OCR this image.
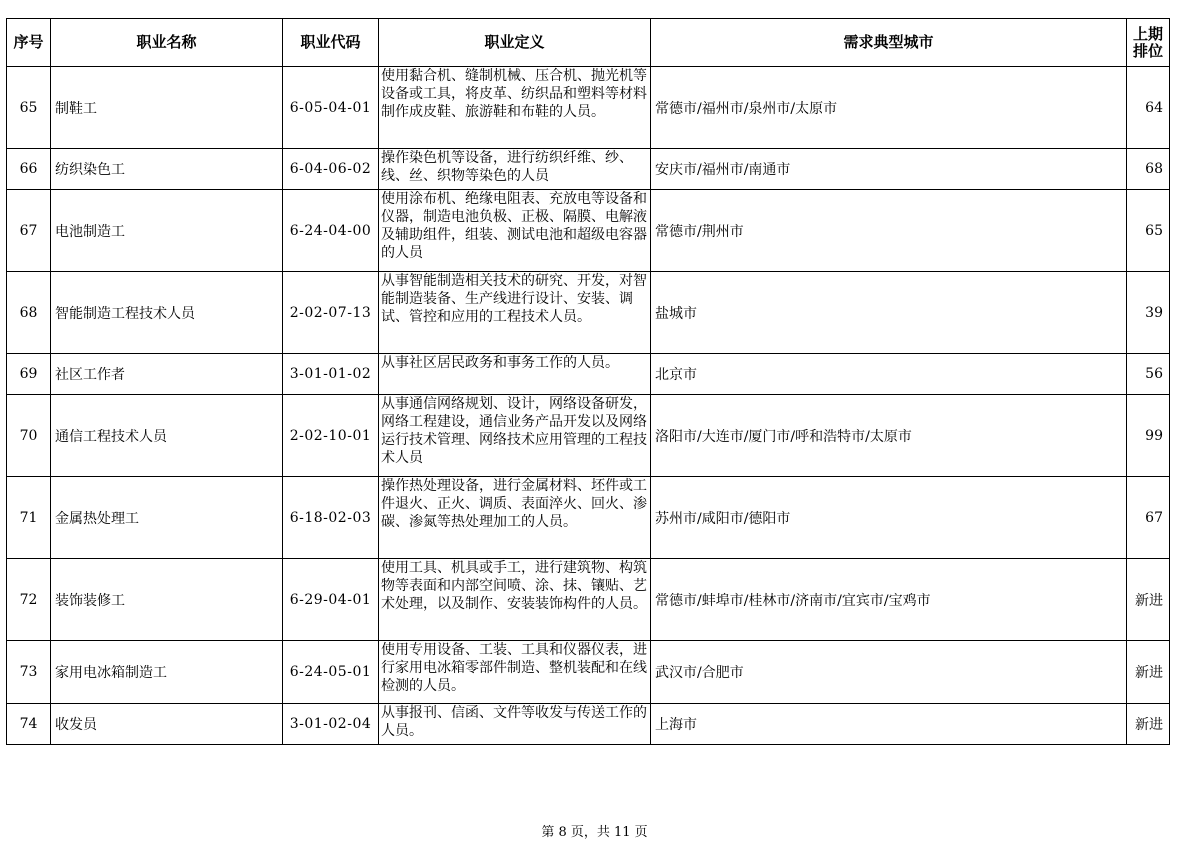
序号	职业名称	职业代码	职业定义	需求典型城市	上期
排位
65	制鞋工	6-05-04-01	使用黏合机、缝制机械、压合机、抛光机等设备或工具，将皮革、纺织品和塑料等材料制作成皮鞋、旅游鞋和布鞋的人员。	常德市/福州市/泉州市/太原市	64
66	纺织染色工	6-04-06-02	操作染色机等设备，进行纺织纤维、纱、线、丝、织物等染色的人员	安庆市/福州市/南通市	68
67	电池制造工	6-24-04-00	使用涂布机、绝缘电阻表、充放电等设备和仪器，制造电池负极、正极、隔膜、电解液及辅助组件，组装、测试电池和超级电容器的人员	常德市/荆州市	65
68	智能制造工程技术人员	2-02-07-13	从事智能制造相关技术的研究、开发，对智能制造装备、生产线进行设计、安装、调试、管控和应用的工程技术人员。	盐城市	39
69	社区工作者	3-01-01-02	从事社区居民政务和事务工作的人员。	北京市	56
70	通信工程技术人员	2-02-10-01	从事通信网络规划、设计，网络设备研发，网络工程建设，通信业务产品开发以及网络运行技术管理、网络技术应用管理的工程技术人员	洛阳市/大连市/厦门市/呼和浩特市/太原市	99
71	金属热处理工	6-18-02-03	操作热处理设备，进行金属材料、坯件或工件退火、正火、调质、表面淬火、回火、渗碳、渗氮等热处理加工的人员。	苏州市/咸阳市/德阳市	67
72	装饰装修工	6-29-04-01	使用工具、机具或手工，进行建筑物、构筑物等表面和内部空间喷、涂、抹、镶贴、艺术处理，以及制作、安装装饰构件的人员。	常德市/蚌埠市/桂林市/济南市/宜宾市/宝鸡市	新进
73	家用电冰箱制造工	6-24-05-01	使用专用设备、工装、工具和仪器仪表，进行家用电冰箱零部件制造、整机装配和在线检测的人员。	武汉市/合肥市	新进
74	收发员	3-01-02-04	从事报刊、信函、文件等收发与传送工作的人员。	上海市	新进
第 8 页，共 11 页
